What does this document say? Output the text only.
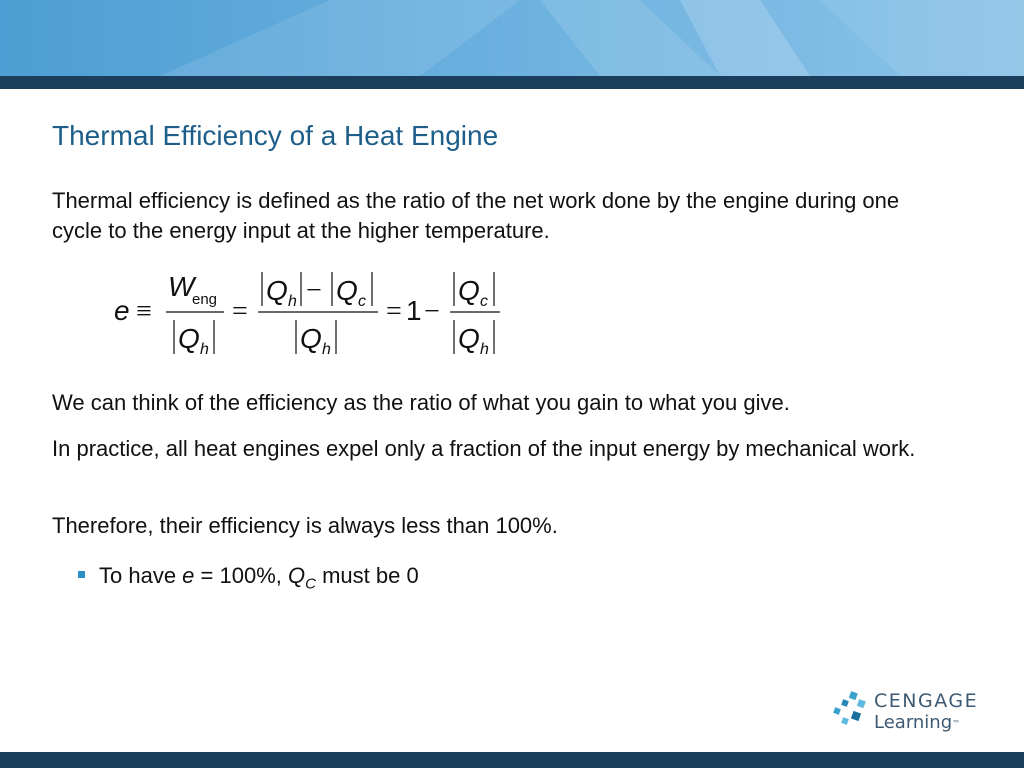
Thermal Efficiency of a Heat Engine

Thermal efficiency is defined as the ratio of the net work done by the engine during one cycle to the energy input at the higher temperature.

e ≡
W
eng
Q h
=
Q h − Q c
Q h
= 1 −
Q c
Q h

We can think of the efficiency as the ratio of what you gain to what you give.

In practice, all heat engines expel only a fraction of the input energy by mechanical work.

Therefore, their efficiency is always less than 100%.

To have e = 100%, $Q_C$ must be 0
CENGAGE
Learning™
